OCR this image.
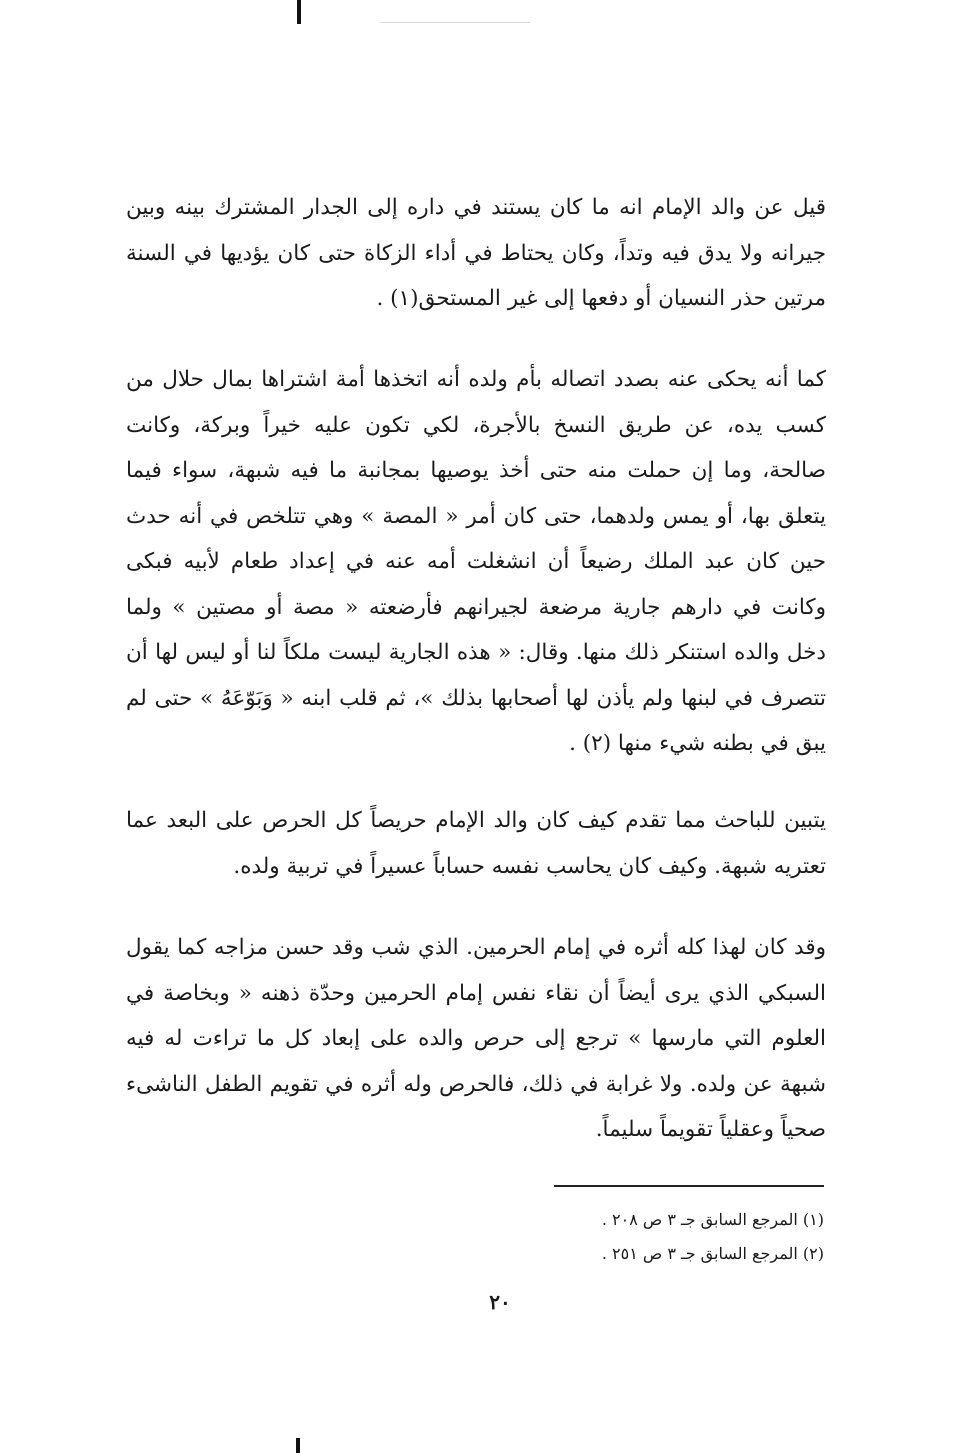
قيل عن والد الإمام انه ما كان يستند في داره إلى الجدار المشترك بينه وبين جيرانه ولا يدق فيه وتداً، وكان يحتاط في أداء الزكاة حتى كان يؤديها في السنة مرتين حذر النسيان أو دفعها إلى غير المستحق(١) .

كما أنه يحكى عنه بصدد اتصاله بأم ولده أنه اتخذها أمة اشتراها بمال حلال من كسب يده، عن طريق النسخ بالأجرة، لكي تكون عليه خيراً وبركة، وكانت صالحة، وما إن حملت منه حتى أخذ يوصيها بمجانبة ما فيه شبهة، سواء فيما يتعلق بها، أو يمس ولدهما، حتى كان أمر « المصة » وهي تتلخص في أنه حدث حين كان عبد الملك رضيعاً أن انشغلت أمه عنه في إعداد طعام لأبيه فبكى وكانت في دارهم جارية مرضعة لجيرانهم فأرضعته « مصة أو مصتين » ولما دخل والده استنكر ذلك منها. وقال: « هذه الجارية ليست ملكاً لنا أو ليس لها أن تتصرف في لبنها ولم يأذن لها أصحابها بذلك »، ثم قلب ابنه « وَبَوّعَهُ » حتى لم يبق في بطنه شيء منها (٢) .

يتبين للباحث مما تقدم كيف كان والد الإمام حريصاً كل الحرص على البعد عما تعتريه شبهة. وكيف كان يحاسب نفسه حساباً عسيراً في تربية ولده.

وقد كان لهذا كله أثره في إمام الحرمين. الذي شب وقد حسن مزاجه كما يقول السبكي الذي يرى أيضاً أن نقاء نفس إمام الحرمين وحدّة ذهنه « وبخاصة في العلوم التي مارسها » ترجع إلى حرص والده على إبعاد كل ما تراءت له فيه شبهة عن ولده. ولا غرابة في ذلك، فالحرص وله أثره في تقويم الطفل الناشىء صحياً وعقلياً تقويماً سليماً.

(١) المرجع السابق جـ ٣ ص ٢٠٨ .
(٢) المرجع السابق جـ ٣ ص ٢٥١ .
٢٠
